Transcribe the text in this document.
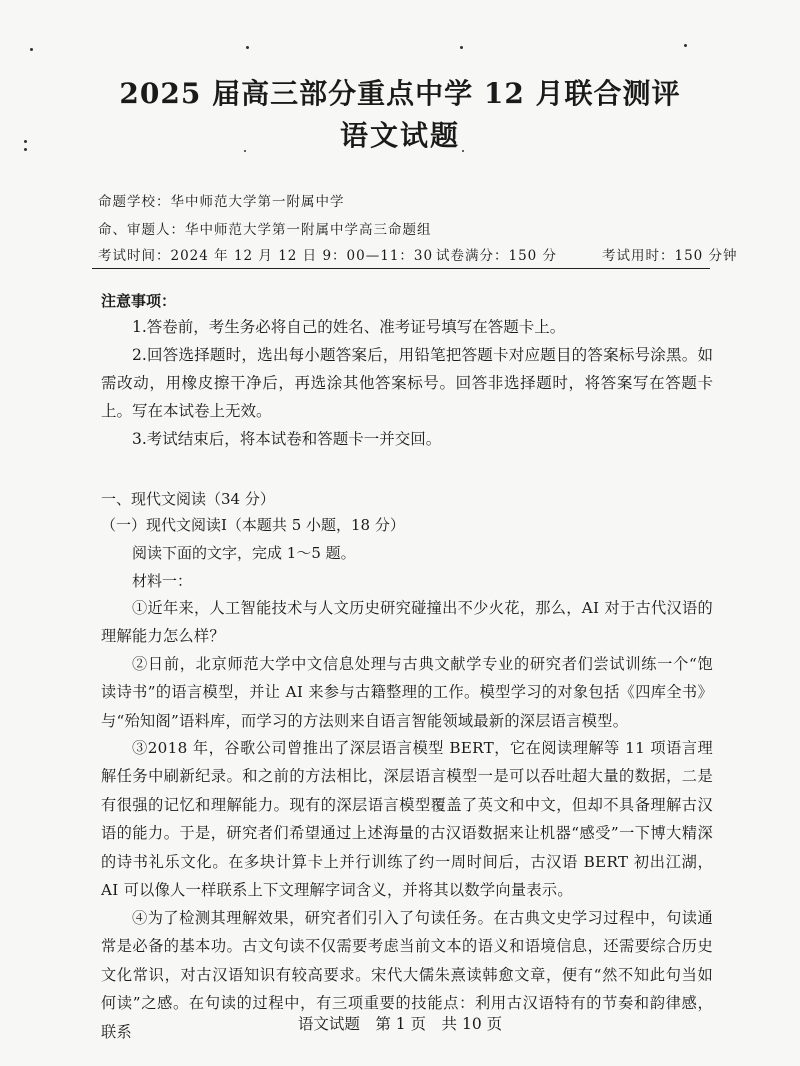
2025 届高三部分重点中学 12 月联合测评
语文试题
命题学校：华中师范大学第一附属中学
命、审题人：华中师范大学第一附属中学高三命题组
考试时间：2024 年 12 月 12 日 9：00—11：30 试卷满分：150 分	考试用时：150 分钟
注意事项：
1.答卷前，考生务必将自己的姓名、准考证号填写在答题卡上。
2.回答选择题时，选出每小题答案后，用铅笔把答题卡对应题目的答案标号涂黑。如需改动，用橡皮擦干净后，再选涂其他答案标号。回答非选择题时，将答案写在答题卡上。写在本试卷上无效。
3.考试结束后，将本试卷和答题卡一并交回。
一、现代文阅读（34 分）
（一）现代文阅读Ⅰ（本题共 5 小题，18 分）
阅读下面的文字，完成 1～5 题。
材料一：
①近年来，人工智能技术与人文历史研究碰撞出不少火花，那么，AI 对于古代汉语的理解能力怎么样？
②日前，北京师范大学中文信息处理与古典文献学专业的研究者们尝试训练一个“饱读诗书”的语言模型，并让 AI 来参与古籍整理的工作。模型学习的对象包括《四库全书》与“殆知阁”语料库，而学习的方法则来自语言智能领域最新的深层语言模型。
③2018 年，谷歌公司曾推出了深层语言模型 BERT，它在阅读理解等 11 项语言理解任务中刷新纪录。和之前的方法相比，深层语言模型一是可以吞吐超大量的数据，二是有很强的记忆和理解能力。现有的深层语言模型覆盖了英文和中文，但却不具备理解古汉语的能力。于是，研究者们希望通过上述海量的古汉语数据来让机器“感受”一下博大精深的诗书礼乐文化。在多块计算卡上并行训练了约一周时间后，古汉语 BERT 初出江湖，AI 可以像人一样联系上下文理解字词含义，并将其以数学向量表示。
④为了检测其理解效果，研究者们引入了句读任务。在古典文史学习过程中，句读通常是必备的基本功。古文句读不仅需要考虑当前文本的语义和语境信息，还需要综合历史文化常识，对古汉语知识有较高要求。宋代大儒朱熹读韩愈文章，便有“然不知此句当如何读”之感。在句读的过程中，有三项重要的技能点：利用古汉语特有的节奏和韵律感，联系	语文试题　第 1 页　共 10 页
